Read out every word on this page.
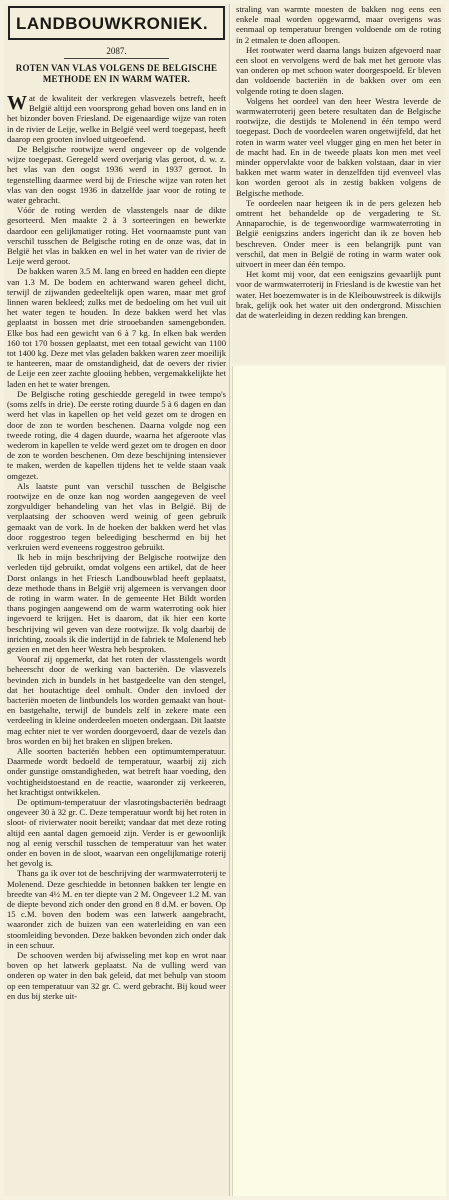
LANDBOUWKRONIEK.
2087.
ROTEN VAN VLAS VOLGENS DE BELGISCHE METHODE EN IN WARM WATER.

Wat de kwaliteit der verkregen vlasvezels betreft, heeft België altijd een voorsprong gehad boven ons land en in het bizonder boven Friesland. De eigenaardige wijze van roten in de rivier de Leije, welke in België veel werd toegepast, heeft daarop een grooten invloed uitgeoefend.

De Belgische rootwijze werd ongeveer op de volgende wijze toegepast. Geregeld werd overjarig vlas geroot, d. w. z. het vlas van den oogst 1936 werd in 1937 geroot. In tegenstelling daarmee werd bij de Friesche wijze van roten het vlas van den oogst 1936 in datzelfde jaar voor de roting te water gebracht.

Vóór de roting werden de vlasstengels naar de dikte gesorteerd. Men maakte 2 à 3 sorteeringen en bewerkte daardoor een gelijkmatiger roting. Het voornaamste punt van verschil tusschen de Belgische roting en de onze was, dat in België het vlas in bakken en wel in het water van de rivier de Leije werd geroot.

De bakken waren 3.5 M. lang en breed en hadden een diepte van 1.3 M. De bodem en achterwand waren geheel dicht, terwijl de zijwanden gedeeltelijk open waren, maar met grof linnen waren bekleed; zulks met de bedoeling om het vuil uit het water tegen te houden. In deze bakken werd het vlas geplaatst in bossen met drie strooebanden samengebonden. Elke bos had een gewicht van 6 à 7 kg. In elken bak werden 160 tot 170 bossen geplaatst, met een totaal gewicht van 1100 tot 1400 kg. Deze met vlas geladen bakken waren zeer moeilijk te hanteeren, maar de omstandigheid, dat de oevers der rivier de Leije een zeer zachte glooiing hebben, vergemakkelijkte het laden en het te water brengen.

De Belgische roting geschiedde geregeld in twee tempo's (soms zelfs in drie). De eerste roting duurde 5 à 6 dagen en dan werd het vlas in kapellen op het veld gezet om te drogen en door de zon te worden beschenen. Daarna volgde nog een tweede roting, die 4 dagen duurde, waarna het afgeroote vlas wederom in kapellen te velde werd gezet om te drogen en door de zon te worden beschenen. Om deze beschijning intensiever te maken, werden de kapellen tijdens het te velde staan vaak omgezet.

Als laatste punt van verschil tusschen de Belgische rootwijze en de onze kan nog worden aangegeven de veel zorgvuldiger behandeling van het vlas in België. Bij de verplaatsing der schooven werd weinig of geen gebruik gemaakt van de vork. In de hoeken der bakken werd het vlas door roggestroo tegen beleediging beschermd en bij het verkruien werd eveneens roggestroo gebruikt.

Ik heb in mijn beschrijving der Belgische rootwijze den verleden tijd gebruikt, omdat volgens een artikel, dat de heer Dorst onlangs in het Friesch Landbouwblad heeft geplaatst, deze methode thans in België vrij algemeen is vervangen door de roting in warm water. In de gemeente Het Bildt worden thans pogingen aangewend om de warm waterroting ook hier ingevoerd te krijgen. Het is daarom, dat ik hier een korte beschrijving wil geven van deze rootwijze. Ik volg daarbij de inrichting, zooals ik die indertijd in de fabriek te Molenend heb gezien en met den heer Westra heb besproken.

Vooraf zij opgemerkt, dat het roten der vlasstengels wordt beheerscht door de werking van bacteriën. De vlasvezels bevinden zich in bundels in het bastgedeelte van den stengel, dat het houtachtige deel omhult. Onder den invloed der bacteriën moeten de lintbundels los worden gemaakt van hout- en bastgehalte, terwijl de bundels zelf in zekere mate een verdeeling in kleine onderdeelen moeten ondergaan. Dit laatste mag echter niet te ver worden doorgevoerd, daar de vezels dan bros worden en bij het braken en slijpen breken.

Alle soorten bacteriën hebben een optimumtemperatuur. Daarmede wordt bedoeld de temperatuur, waarbij zij zich onder gunstige omstandigheden, wat betreft haar voeding, den vochtigheidstoestand en de reactie, waaronder zij verkeeren, het krachtigst ontwikkelen.

De optimum-temperatuur der vlasrotingsbacteriën bedraagt ongeveer 30 à 32 gr. C. Deze temperatuur wordt bij het roten in sloot- of rivierwater nooit bereikt; vandaar dat met deze roting altijd een aantal dagen gemoeid zijn. Verder is er gewoonlijk nog al eenig verschil tusschen de temperatuur van het water onder en boven in de sloot, waarvan een ongelijkmatige roterij het gevolg is.

Thans ga ik over tot de beschrijving der warmwaterroterij te Molenend. Deze geschiedde in betonnen bakken ter lengte en breedte van 4½ M. en ter diepte van 2 M. Ongeveer 1.2 M. van de diepte bevond zich onder den grond en 8 d.M. er boven. Op 15 c.M. boven den bodem was een latwerk aangebracht, waaronder zich de buizen van een waterleiding en van een stoomleiding bevonden. Deze bakken bevonden zich onder dak in een schuur.

De schooven werden bij afwisseling met kop en wrot naar boven op het latwerk geplaatst. Na de vulling werd van onderen op water in den bak geleid, dat met behulp van stoom op een temperatuur van 32 gr. C. werd gebracht. Bij koud weer en dus bij sterke uit-

straling van warmte moesten de bakken nog eens een enkele maal worden opgewarmd, maar overigens was eenmaal op temperatuur brengen voldoende om de roting in 2 etmalen te doen afloopen.

Het rootwater werd daarna langs buizen afgevoerd naar een sloot en vervolgens werd de bak met het geroote vlas van onderen op met schoon water doorgespoeld. Er bleven dan voldoende bacteriën in de bakken over om een volgende roting te doen slagen.

Volgens het oordeel van den heer Westra leverde de warmwaterroterij geen betere resultaten dan de Belgische rootwijze, die destijds te Molenend in één tempo werd toegepast. Doch de voordeelen waren ongetwijfeld, dat het roten in warm water veel vlugger ging en men het beter in de macht had. En in de tweede plaats kon men met veel minder oppervlakte voor de bakken volstaan, daar in vier bakken met warm water in denzelfden tijd evenveel vlas kon worden geroot als in zestig bakken volgens de Belgische methode.

Te oordeelen naar hetgeen ik in de pers gelezen heb omtrent het behandelde op de vergadering te St. Annaparochie, is de tegenwoordige warmwaterroting in België eenigszins anders ingericht dan ik ze boven heb beschreven. Onder meer is een belangrijk punt van verschil, dat men in België de roting in warm water ook uitvoert in meer dan één tempo.

Het komt mij voor, dat een eenigszins gevaarlijk punt voor de warmwaterroterij in Friesland is de kwestie van het water. Het boezemwater is in de Kleibouwstreek is dikwijls brak, gelijk ook het water uit den ondergrond. Misschien dat de waterleiding in dezen redding kan brengen.
